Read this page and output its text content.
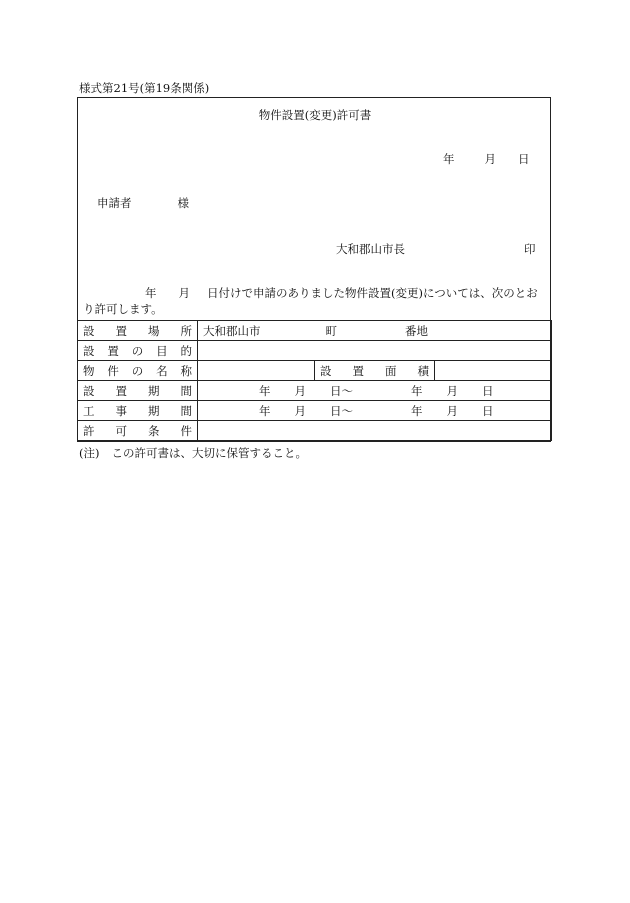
様式第21号(第19条関係)
物件設置(変更)許可書
年	月 日
申請者	様
大和郡山市長	印
年 月 日付けで申請のありました物件設置(変更)については、次のとおり許可します。
設 置 場 所	大和郡山市 町 番地		

設 置 の 目 的			

物 件 の 名 称		設 置 面 積	

設 置 期 間	年 月 日〜 年 月 日		

工 事 期 間	年 月 日〜 年 月 日		

許 可 条 件			

(注) この許可書は、大切に保管すること。
